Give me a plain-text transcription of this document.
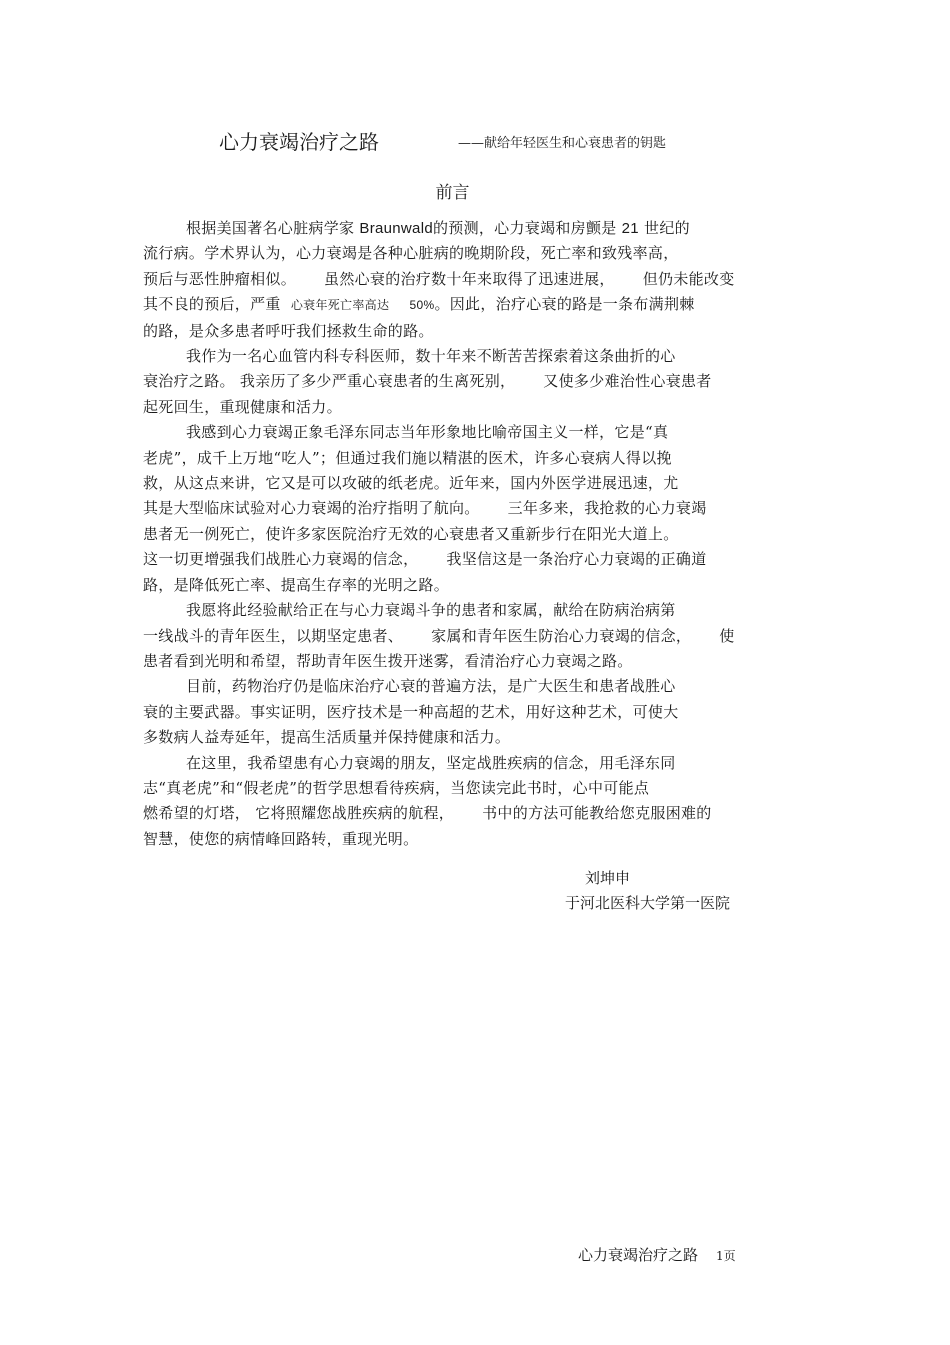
心力衰竭治疗之路	——献给年轻医生和心衰患者的钥匙
前言

根据美国著名心脏病学家 Braunwald的预测，心力衰竭和房颤是 21 世纪的
流行病。学术界认为，心力衰竭是各种心脏病的晚期阶段，死亡率和致残率高，
预后与恶性肿瘤相似。 虽然心衰的治疗数十年来取得了迅速进展， 但仍未能改变
其不良的预后，严重 心衰年死亡率高达 50%。因此，治疗心衰的路是一条布满荆棘
的路，是众多患者呼吁我们拯救生命的路。

我作为一名心血管内科专科医师，数十年来不断苦苦探索着这条曲折的心
衰治疗之路。 我亲历了多少严重心衰患者的生离死别， 又使多少难治性心衰患者
起死回生，重现健康和活力。

我感到心力衰竭正象毛泽东同志当年形象地比喻帝国主义一样，它是“真
老虎”，成千上万地“吃人”；但通过我们施以精湛的医术，许多心衰病人得以挽
救，从这点来讲，它又是可以攻破的纸老虎。近年来，国内外医学进展迅速，尤
其是大型临床试验对心力衰竭的治疗指明了航向。 三年多来，我抢救的心力衰竭
患者无一例死亡，使许多家医院治疗无效的心衰患者又重新步行在阳光大道上。
这一切更增强我们战胜心力衰竭的信念， 我坚信这是一条治疗心力衰竭的正确道
路，是降低死亡率、提高生存率的光明之路。

我愿将此经验献给正在与心力衰竭斗争的患者和家属，献给在防病治病第
一线战斗的青年医生，以期坚定患者、 家属和青年医生防治心力衰竭的信念， 使
患者看到光明和希望，帮助青年医生拨开迷雾，看清治疗心力衰竭之路。

目前，药物治疗仍是临床治疗心衰的普遍方法，是广大医生和患者战胜心
衰的主要武器。事实证明，医疗技术是一种高超的艺术，用好这种艺术，可使大
多数病人益寿延年，提高生活质量并保持健康和活力。

在这里，我希望患有心力衰竭的朋友，坚定战胜疾病的信念，用毛泽东同
志“真老虎”和“假老虎”的哲学思想看待疾病，当您读完此书时，心中可能点
燃希望的灯塔， 它将照耀您战胜疾病的航程， 书中的方法可能教给您克服困难的
智慧，使您的病情峰回路转，重现光明。

刘坤申
于河北医科大学第一医院
心力衰竭治疗之路 1页
